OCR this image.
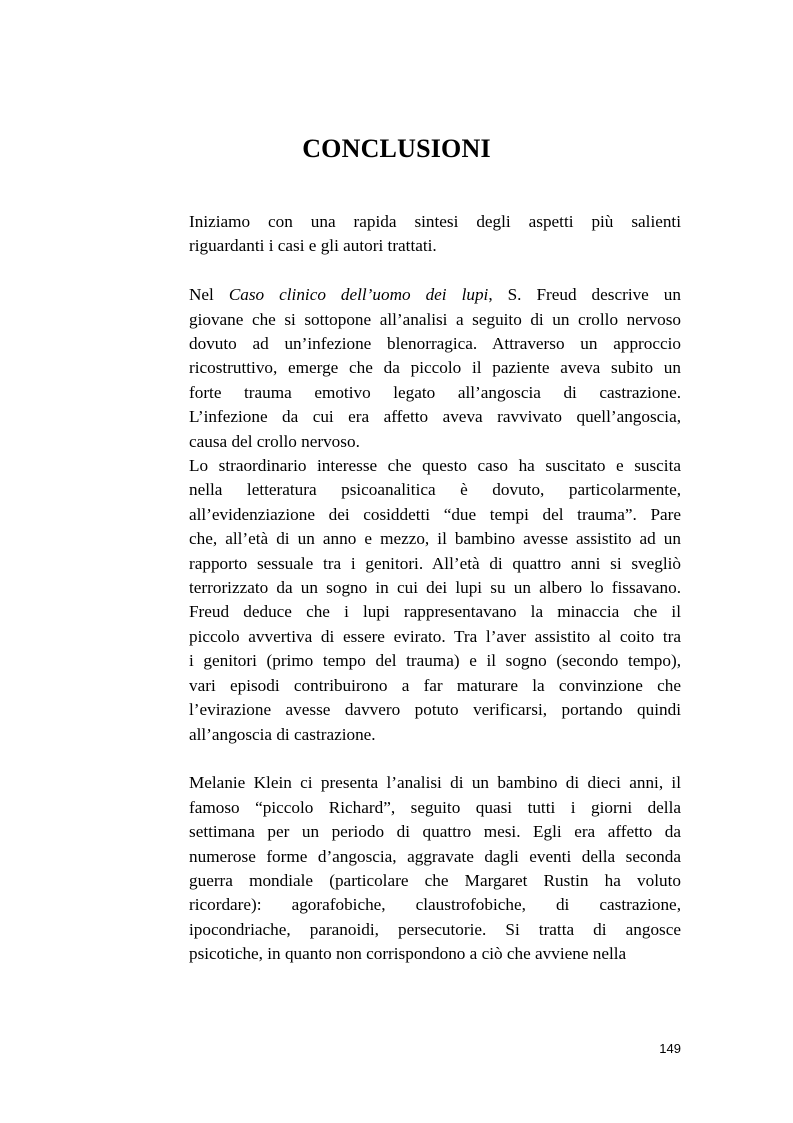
CONCLUSIONI

Iniziamo con una rapida sintesi degli aspetti più salienti
riguardanti i casi e gli autori trattati.

Nel Caso clinico dell’uomo dei lupi, S. Freud descrive un
giovane che si sottopone all’analisi a seguito di un crollo nervoso
dovuto ad un’infezione blenorragica. Attraverso un approccio
ricostruttivo, emerge che da piccolo il paziente aveva subito un
forte trauma emotivo legato all’angoscia di castrazione.
L’infezione da cui era affetto aveva ravvivato quell’angoscia,
causa del crollo nervoso.

Lo straordinario interesse che questo caso ha suscitato e suscita
nella letteratura psicoanalitica è dovuto, particolarmente,
all’evidenziazione dei cosiddetti “due tempi del trauma”. Pare
che, all’età di un anno e mezzo, il bambino avesse assistito ad un
rapporto sessuale tra i genitori. All’età di quattro anni si svegliò
terrorizzato da un sogno in cui dei lupi su un albero lo fissavano.
Freud deduce che i lupi rappresentavano la minaccia che il
piccolo avvertiva di essere evirato. Tra l’aver assistito al coito tra
i genitori (primo tempo del trauma) e il sogno (secondo tempo),
vari episodi contribuirono a far maturare la convinzione che
l’evirazione avesse davvero potuto verificarsi, portando quindi
all’angoscia di castrazione.

Melanie Klein ci presenta l’analisi di un bambino di dieci anni, il
famoso “piccolo Richard”, seguito quasi tutti i giorni della
settimana per un periodo di quattro mesi. Egli era affetto da
numerose forme d’angoscia, aggravate dagli eventi della seconda
guerra mondiale (particolare che Margaret Rustin ha voluto
ricordare): agorafobiche, claustrofobiche, di castrazione,
ipocondriache, paranoidi, persecutorie. Si tratta di angosce
psicotiche, in quanto non corrispondono a ciò che avviene nella

149
